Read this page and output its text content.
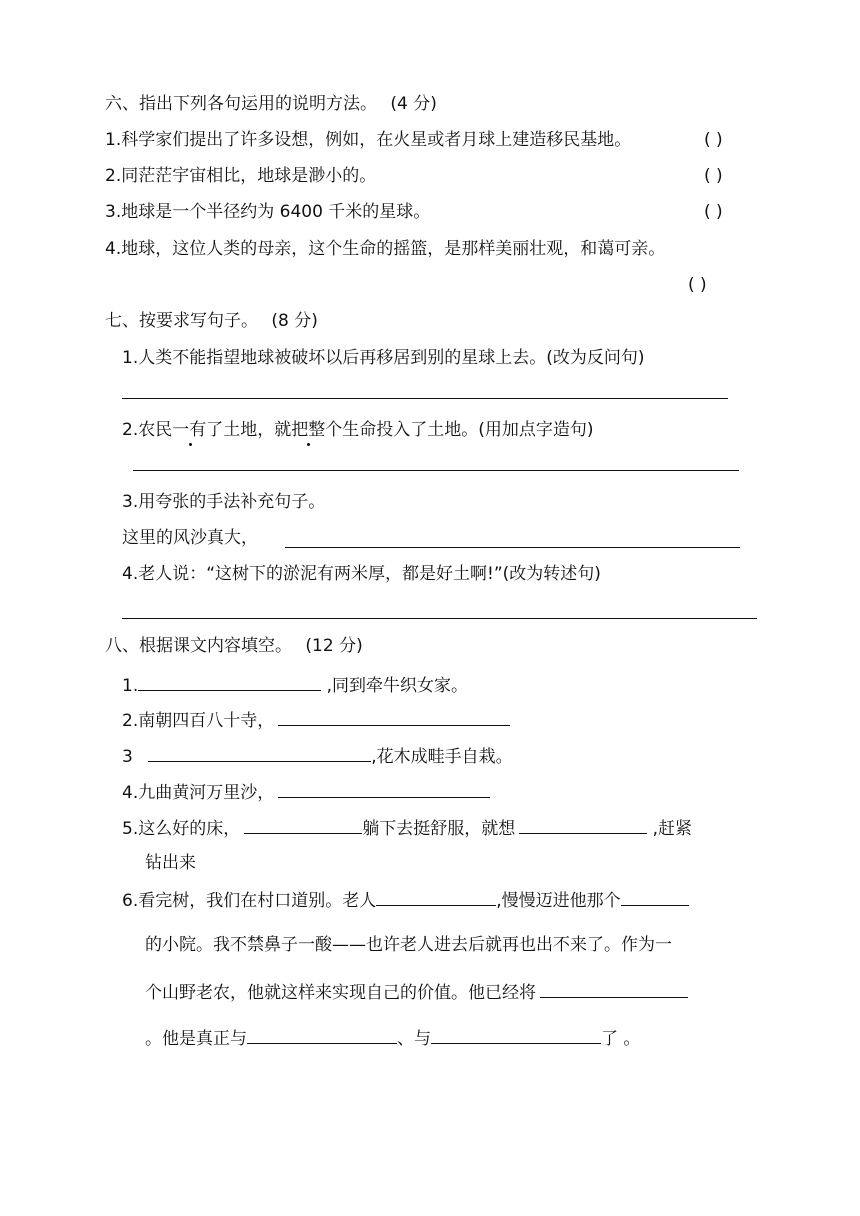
六、指出下列各句运用的说明方法。 (4 分)
1.科学家们提出了许多设想，例如，在火星或者月球上建造移民基地。	( )
2.同茫茫宇宙相比，地球是渺小的。	( )
3.地球是一个半径约为 6400 千米的星球。	( )
4.地球，这位人类的母亲，这个生命的摇篮，是那样美丽壮观，和蔼可亲。
( )
七、按要求写句子。 (8 分)
1.人类不能指望地球被破坏以后再移居到别的星球上去。(改为反问句)
2.农民一有了土地，就把整个生命投入了土地。(用加点字造句)
3.用夸张的手法补充句子。
这里的风沙真大，
4.老人说：“这树下的淤泥有两米厚，都是好土啊!”(改为转述句)
八、根据课文内容填空。 (12 分)
1.	,同到牵牛织女家。
2.南朝四百八十寺，
3	,花木成畦手自栽。
4.九曲黄河万里沙，
5.这么好的床，	躺下去挺舒服，就想	,赶紧
钻出来
6.看完树，我们在村口道别。老人	,慢慢迈进他那个
的小院。我不禁鼻子一酸——也许老人进去后就再也出不来了。作为一
个山野老农，他就这样来实现自己的价值。他已经将
。他是真正与	、与	了 。
